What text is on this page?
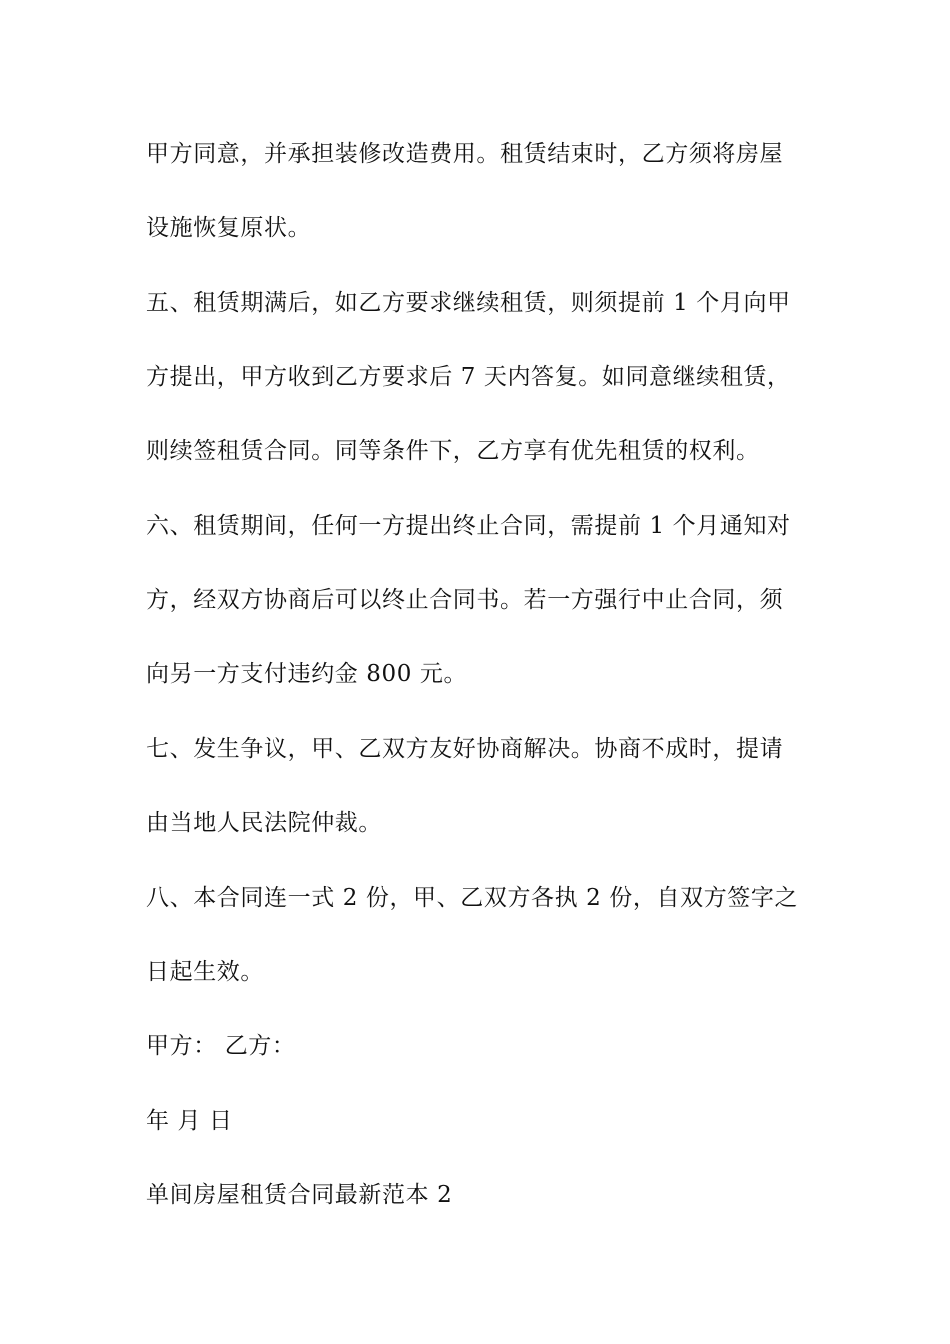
甲方同意，并承担装修改造费用。租赁结束时，乙方须将房屋
设施恢复原状。
五、租赁期满后，如乙方要求继续租赁，则须提前 1 个月向甲
方提出，甲方收到乙方要求后 7 天内答复。如同意继续租赁，
则续签租赁合同。同等条件下，乙方享有优先租赁的权利。
六、租赁期间，任何一方提出终止合同，需提前 1 个月通知对
方，经双方协商后可以终止合同书。若一方强行中止合同，须
向另一方支付违约金 800 元。
七、发生争议，甲、乙双方友好协商解决。协商不成时，提请
由当地人民法院仲裁。
八、本合同连一式 2 份，甲、乙双方各执 2 份，自双方签字之
日起生效。
甲方： 乙方：
年 月 日
单间房屋租赁合同最新范本 2
